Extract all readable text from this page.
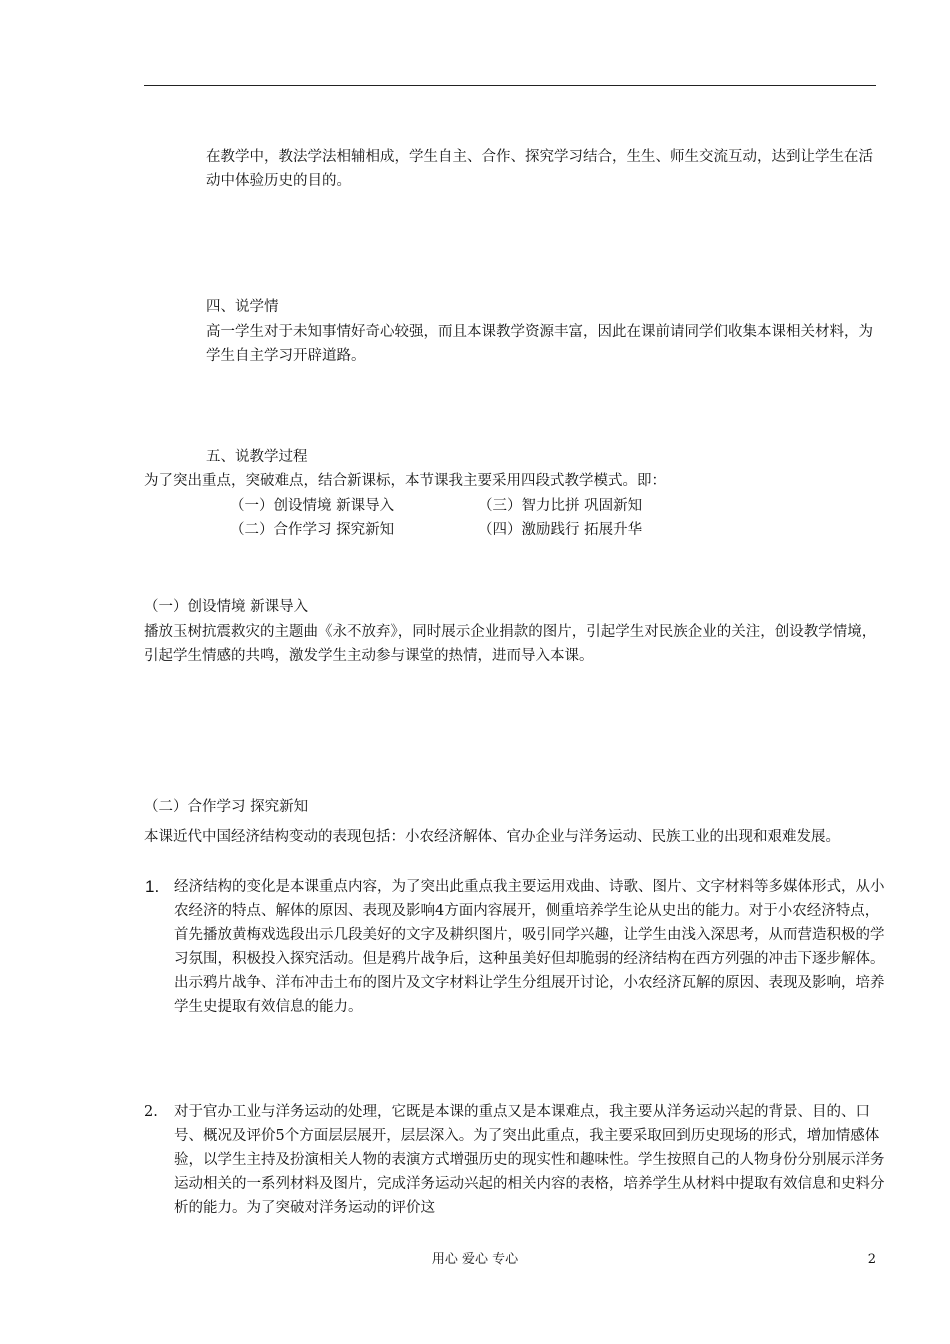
在教学中，教法学法相辅相成，学生自主、合作、探究学习结合，生生、师生交流互动，达到让学生在活动中体验历史的目的。

四、说学情

高一学生对于未知事情好奇心较强，而且本课教学资源丰富，因此在课前请同学们收集本课相关材料，为学生自主学习开辟道路。

五、说教学过程

为了突出重点，突破难点，结合新课标，本节课我主要采用四段式教学模式。即：

（一）创设情境 新课导入	（三）智力比拼 巩固新知
（二）合作学习 探究新知	（四）激励践行 拓展升华

（一）创设情境 新课导入

播放玉树抗震救灾的主题曲《永不放弃》，同时展示企业捐款的图片，引起学生对民族企业的关注，创设教学情境，引起学生情感的共鸣，激发学生主动参与课堂的热情，进而导入本课。

（二）合作学习 探究新知

本课近代中国经济结构变动的表现包括：小农经济解体、官办企业与洋务运动、民族工业的出现和艰难发展。

1.	经济结构的变化是本课重点内容，为了突出此重点我主要运用戏曲、诗歌、图片、文字材料等多媒体形式，从小农经济的特点、解体的原因、表现及影响4方面内容展开，侧重培养学生论从史出的能力。对于小农经济特点，首先播放黄梅戏选段出示几段美好的文字及耕织图片，吸引同学兴趣，让学生由浅入深思考，从而营造积极的学习氛围，积极投入探究活动。但是鸦片战争后，这种虽美好但却脆弱的经济结构在西方列强的冲击下逐步解体。出示鸦片战争、洋布冲击土布的图片及文字材料让学生分组展开讨论，小农经济瓦解的原因、表现及影响，培养学生史提取有效信息的能力。
2.	对于官办工业与洋务运动的处理，它既是本课的重点又是本课难点，我主要从洋务运动兴起的背景、目的、口号、概况及评价5个方面层层展开，层层深入。为了突出此重点，我主要采取回到历史现场的形式，增加情感体验，以学生主持及扮演相关人物的表演方式增强历史的现实性和趣味性。学生按照自己的人物身份分别展示洋务运动相关的一系列材料及图片，完成洋务运动兴起的相关内容的表格，培养学生从材料中提取有效信息和史料分析的能力。为了突破对洋务运动的评价这
用心 爱心 专心	2
